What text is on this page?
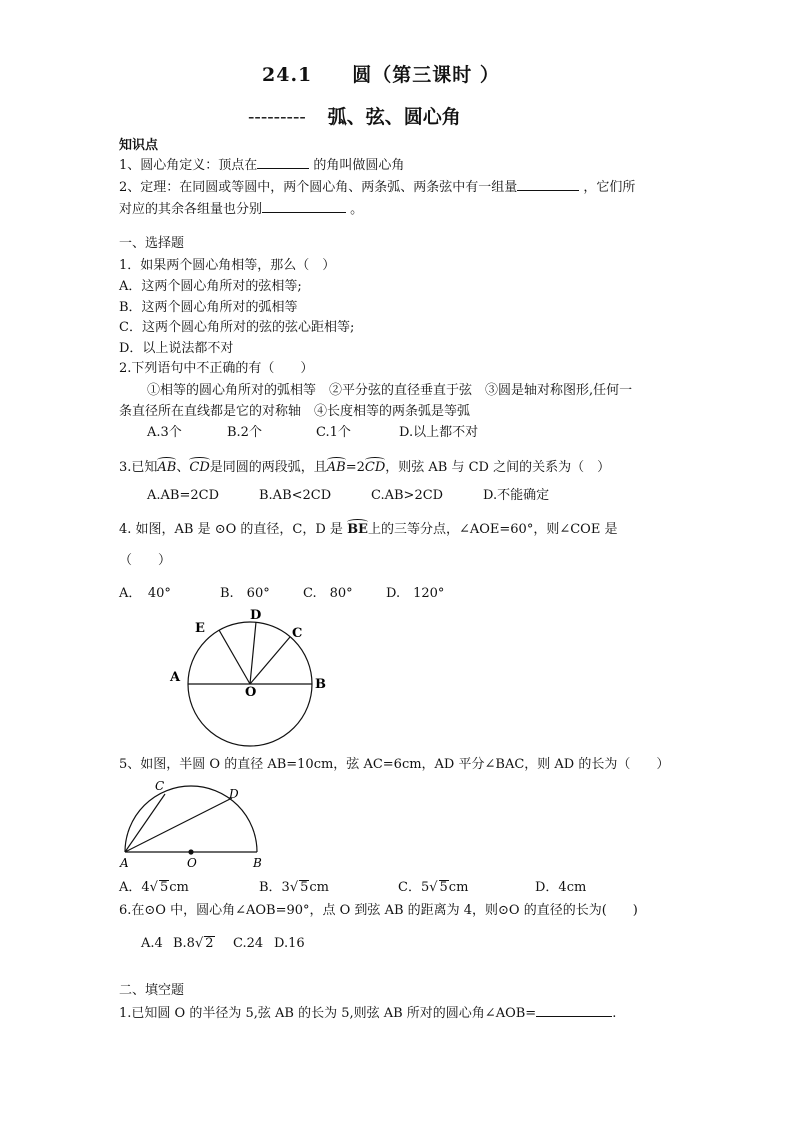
24.1　　圆（第三课时 ）
--------- 弧、弦、圆心角
知识点
1、圆心角定义：顶点在	的角叫做圆心角
2、定理：在同圆或等圆中，两个圆心角、两条弧、两条弦中有一组量	，它们所
对应的其余各组量也分别	。
一、选择题
1．如果两个圆心角相等，那么（　）
A．这两个圆心角所对的弦相等;
B．这两个圆心角所对的弧相等
C．这两个圆心角所对的弦的弦心距相等;
D．以上说法都不对
2.下列语句中不正确的有（　　）
①相等的圆心角所对的弧相等　②平分弦的直径垂直于弦　③圆是轴对称图形,任何一
条直径所在直线都是它的对称轴　④长度相等的两条弧是等弧
A.3个	B.2个	C.1个	D.以上都不对
3.已知AB、CD是同圆的两段弧，且AB=2CD，则弦 AB 与 CD 之间的关系为（　）
A.AB=2CD	B.AB<2CD	C.AB>2CD	D.不能确定
4. 如图，AB 是 ⊙O 的直径，C，D 是 BE上的三等分点，∠AOE=60°，则∠COE 是
（　　）
A．　40°	B.　60°	C.　80°	D.　120°
E
D
C
A
O
B
5、如图，半圆 O 的直径 AB=10cm，弦 AC=6cm，AD 平分∠BAC，则 AD 的长为（　　）
C
D
A	O	B
A．4√ 5cm	B．3√ 5cm	C．5√ 5cm	D．4cm
6.在⊙O 中，圆心角∠AOB=90°，点 O 到弦 AB 的距离为 4，则⊙O 的直径的长为(　　)
A.4 B.8√ 2 C.24 D.16
二、填空题
1.已知圆 O 的半径为 5,弦 AB 的长为 5,则弦 AB 所对的圆心角∠AOB=	.
